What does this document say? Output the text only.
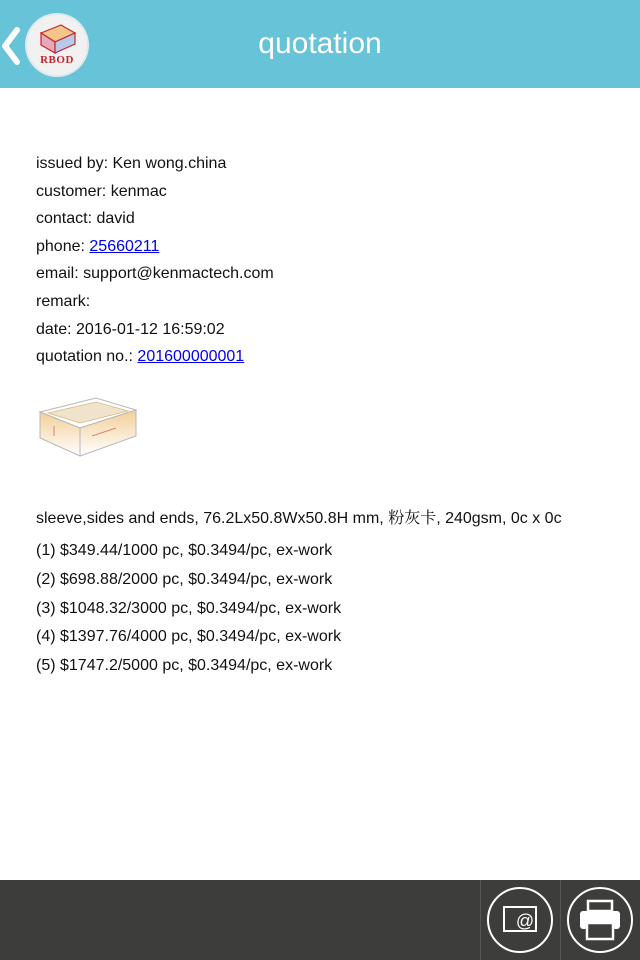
RBOD	quotation
issued by: Ken wong.china
customer: kenmac
contact: david
phone: 25660211
email: support@kenmactech.com
remark:
date: 2016-01-12 16:59:02
quotation no.: 201600000001
sleeve,sides and ends, 76.2Lx50.8Wx50.8H mm, 粉灰卡, 240gsm, 0c x 0c
(1) $349.44/1000 pc, $0.3494/pc, ex-work
(2) $698.88/2000 pc, $0.3494/pc, ex-work
(3) $1048.32/3000 pc, $0.3494/pc, ex-work
(4) $1397.76/4000 pc, $0.3494/pc, ex-work
(5) $1747.2/5000 pc, $0.3494/pc, ex-work
@
